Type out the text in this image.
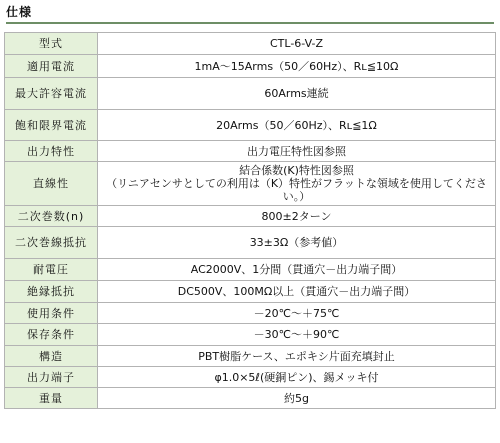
仕様
型式	CTL-6-V-Z
適用電流	1mA～15Arms（50／60Hz）、Rʟ≦10Ω
最大許容電流	60Arms連続
飽和限界電流	20Arms（50／60Hz）、Rʟ≦1Ω
出力特性	出力電圧特性図参照
直線性	結合係数(K)特性図参照
（リニアセンサとしての利用は（K）特性がフラットな領域を使用してください。）

二次巻数(n)	800±2ターン
二次巻線抵抗	33±3Ω（参考値）
耐電圧	AC2000V、1分間（貫通穴－出力端子間）
絶縁抵抗	DC500V、100MΩ以上（貫通穴－出力端子間）
使用条件	－20℃～＋75℃
保存条件	－30℃～＋90℃
構造	PBT樹脂ケース、エポキシ片面充填封止
出力端子	φ1.0×5ℓ(硬銅ピン)、錫メッキ付
重量	約5g
